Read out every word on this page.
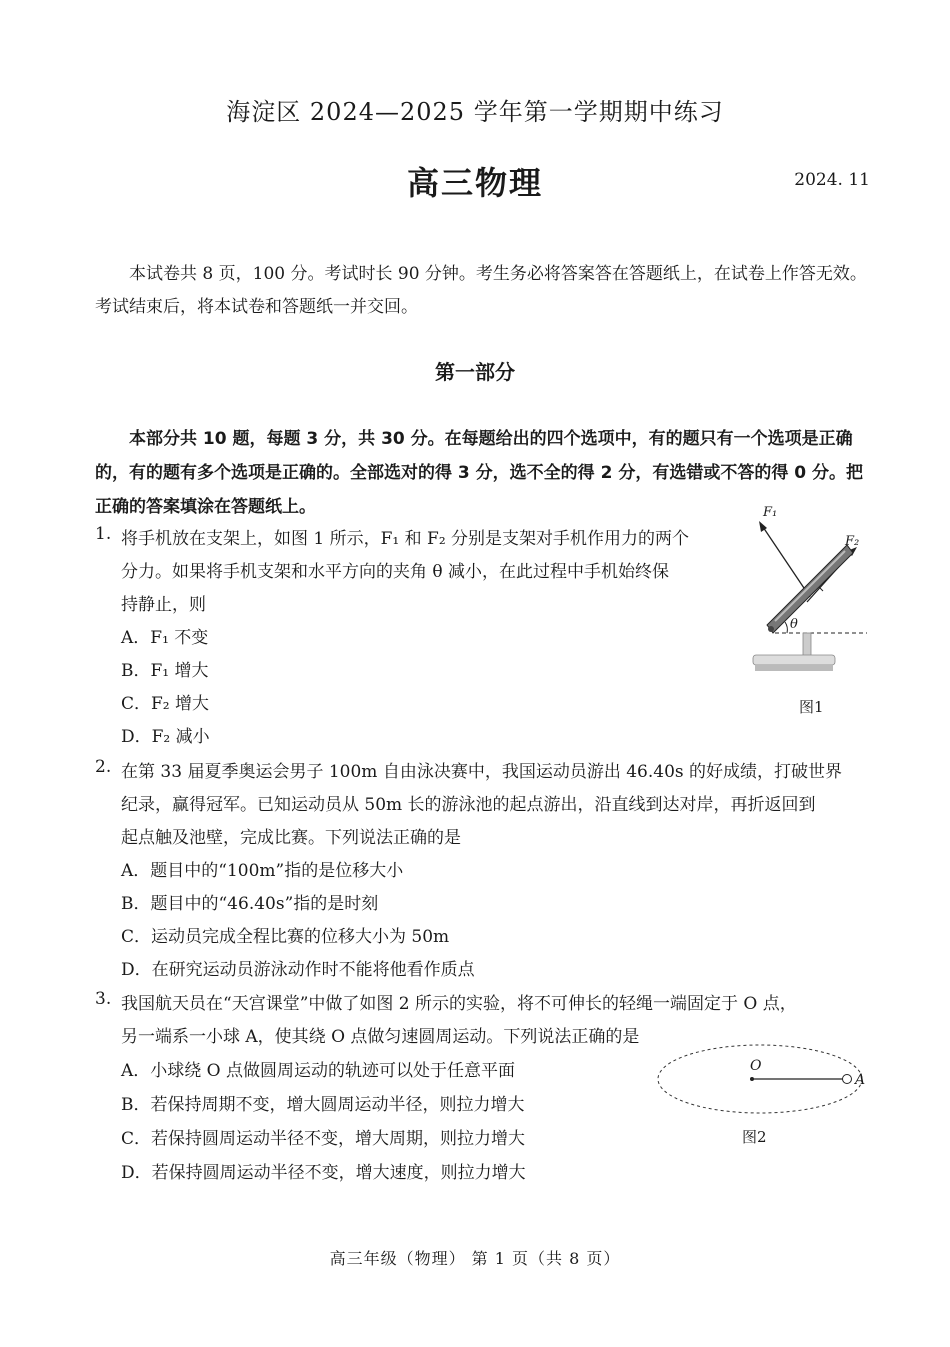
海淀区 2024—2025 学年第一学期期中练习
高三物理	2024. 11
本试卷共 8 页，100 分。考试时长 90 分钟。考生务必将答案答在答题纸上，在试卷上作答无效。考试结束后，将本试卷和答题纸一并交回。
第一部分
本部分共 10 题，每题 3 分，共 30 分。在每题给出的四个选项中，有的题只有一个选项是正确的，有的题有多个选项是正确的。全部选对的得 3 分，选不全的得 2 分，有选错或不答的得 0 分。把正确的答案填涂在答题纸上。
1. 将手机放在支架上，如图 1 所示，F₁ 和 F₂ 分别是支架对手机作用力的两个
分力。如果将手机支架和水平方向的夹角 θ 减小，在此过程中手机始终保
持静止，则
A．F₁ 不变
B．F₁ 增大
C．F₂ 增大
D．F₂ 减小
F₁
F₂
θ
图1
2. 在第 33 届夏季奥运会男子 100m 自由泳决赛中，我国运动员游出 46.40s 的好成绩，打破世界
纪录，赢得冠军。已知运动员从 50m 长的游泳池的起点游出，沿直线到达对岸，再折返回到
起点触及池壁，完成比赛。下列说法正确的是
A．题目中的“100m”指的是位移大小
B．题目中的“46.40s”指的是时刻
C．运动员完成全程比赛的位移大小为 50m
D．在研究运动员游泳动作时不能将他看作质点
3. 我国航天员在“天宫课堂”中做了如图 2 所示的实验，将不可伸长的轻绳一端固定于 O 点，
另一端系一小球 A，使其绕 O 点做匀速圆周运动。下列说法正确的是
A．小球绕 O 点做圆周运动的轨迹可以处于任意平面
B．若保持周期不变，增大圆周运动半径，则拉力增大
C．若保持圆周运动半径不变，增大周期，则拉力增大
D．若保持圆周运动半径不变，增大速度，则拉力增大
O
A
图2
高三年级（物理） 第 1 页（共 8 页）
